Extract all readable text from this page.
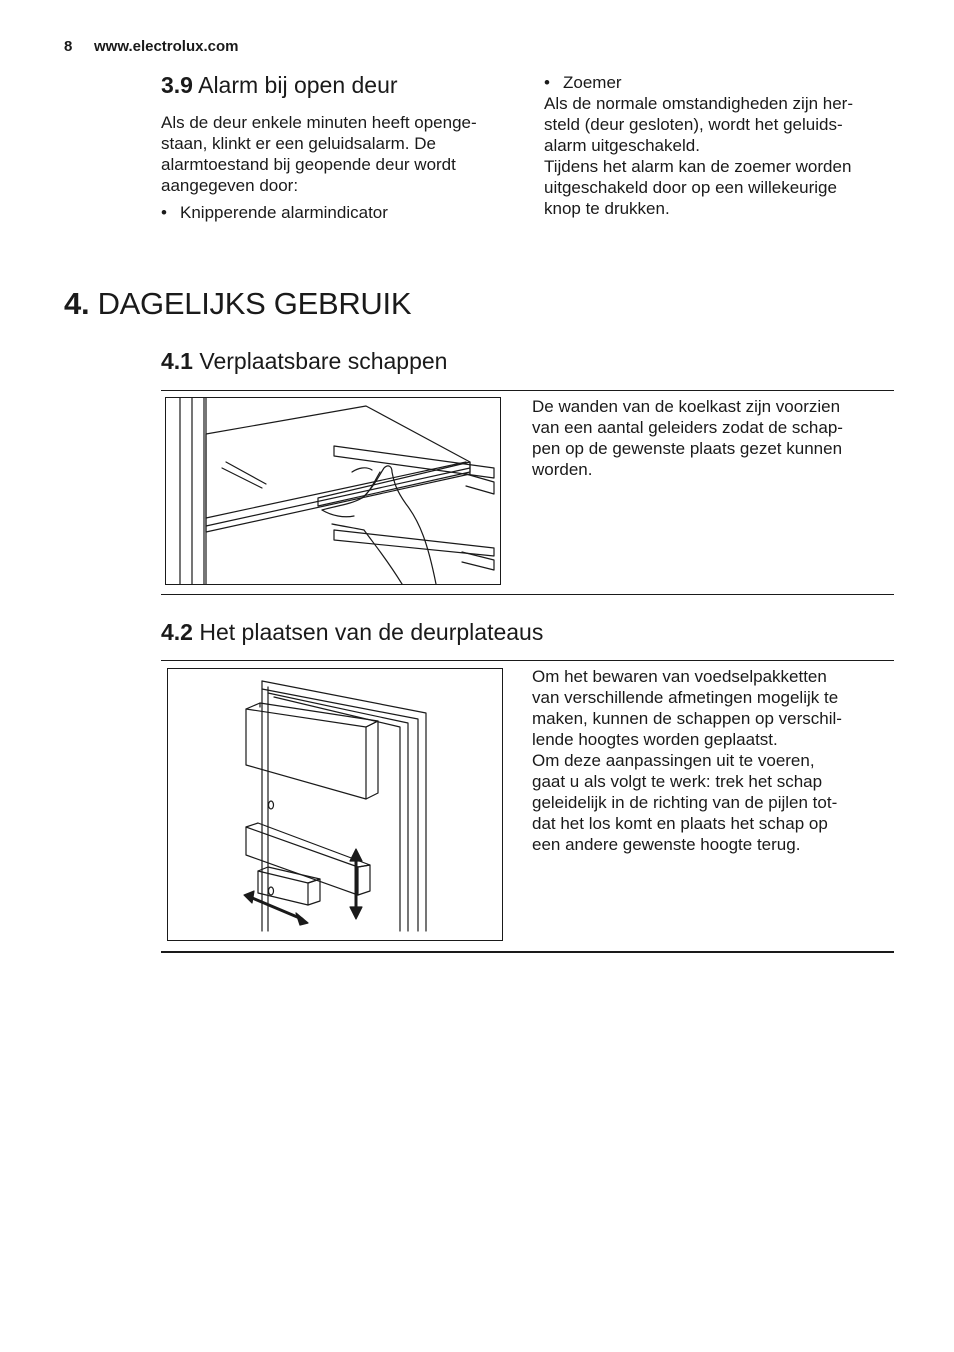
8 www.electrolux.com
3.9 Alarm bij open deur
Als de deur enkele minuten heeft openge-
staan, klinkt er een geluidsalarm. De
alarmtoestand bij geopende deur wordt
aangegeven door:
• Knipperende alarmindicator
• Zoemer
Als de normale omstandigheden zijn her-
steld (deur gesloten), wordt het geluids-
alarm uitgeschakeld.
Tijdens het alarm kan de zoemer worden
uitgeschakeld door op een willekeurige
knop te drukken.
4. DAGELIJKS GEBRUIK
4.1 Verplaatsbare schappen
De wanden van de koelkast zijn voorzien
van een aantal geleiders zodat de schap-
pen op de gewenste plaats gezet kunnen
worden.
4.2 Het plaatsen van de deurplateaus
Om het bewaren van voedselpakketten
van verschillende afmetingen mogelijk te
maken, kunnen de schappen op verschil-
lende hoogtes worden geplaatst.
Om deze aanpassingen uit te voeren,
gaat u als volgt te werk: trek het schap
geleidelijk in de richting van de pijlen tot-
dat het los komt en plaats het schap op
een andere gewenste hoogte terug.
